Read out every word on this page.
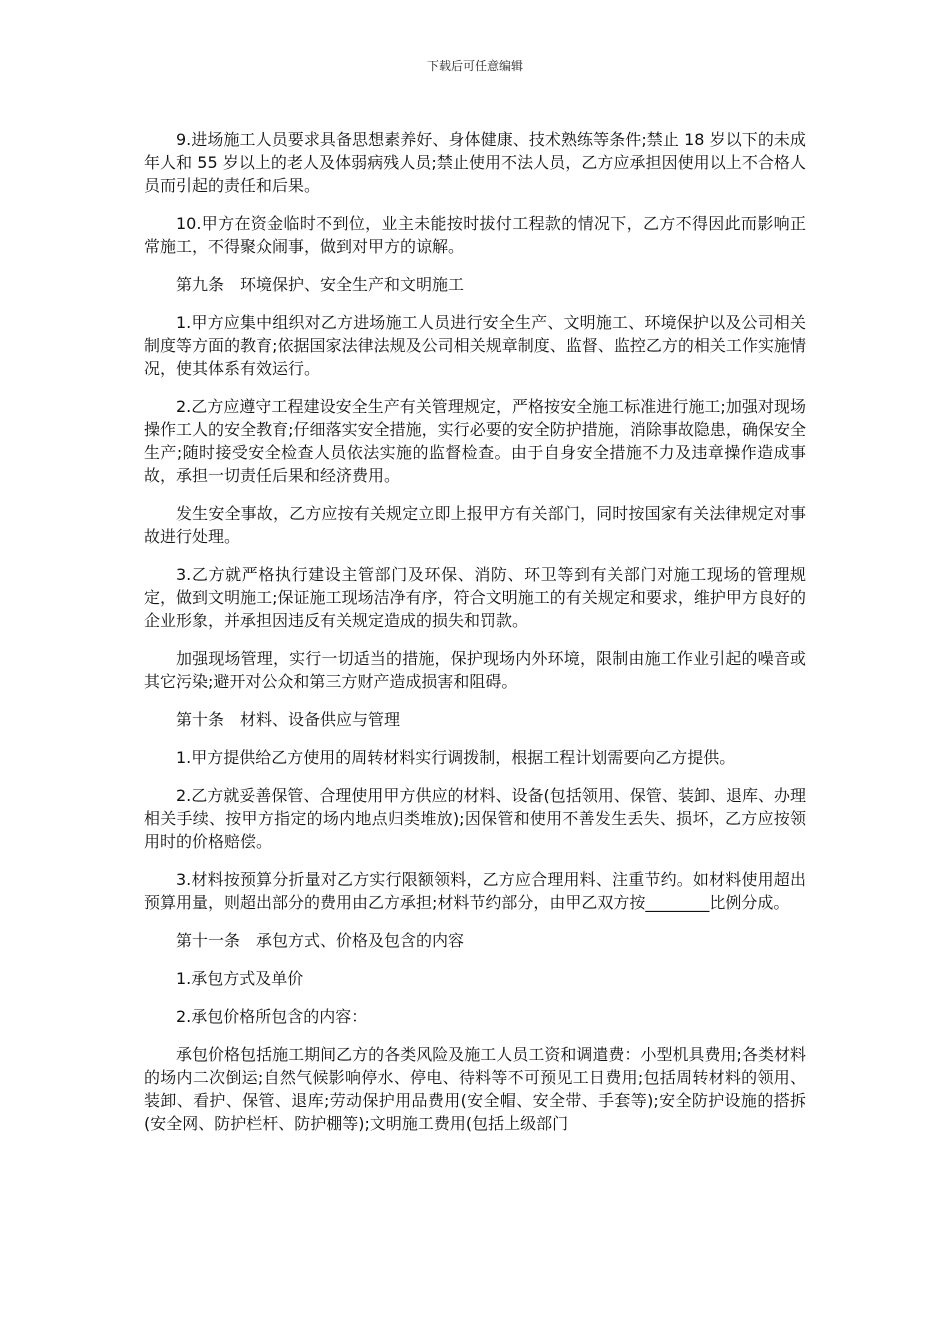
下载后可任意编辑

9.进场施工人员要求具备思想素养好、身体健康、技术熟练等条件;禁止 18 岁以下的未成年人和 55 岁以上的老人及体弱病残人员;禁止使用不法人员，乙方应承担因使用以上不合格人员而引起的责任和后果。

10.甲方在资金临时不到位，业主未能按时拔付工程款的情况下，乙方不得因此而影响正常施工，不得聚众闹事，做到对甲方的谅解。

第九条　环境保护、安全生产和文明施工

1.甲方应集中组织对乙方进场施工人员进行安全生产、文明施工、环境保护以及公司相关制度等方面的教育;依据国家法律法规及公司相关规章制度、监督、监控乙方的相关工作实施情况，使其体系有效运行。

2.乙方应遵守工程建设安全生产有关管理规定，严格按安全施工标准进行施工;加强对现场操作工人的安全教育;仔细落实安全措施，实行必要的安全防护措施，消除事故隐患，确保安全生产;随时接受安全检查人员依法实施的监督检查。由于自身安全措施不力及违章操作造成事故，承担一切责任后果和经济费用。

发生安全事故，乙方应按有关规定立即上报甲方有关部门，同时按国家有关法律规定对事故进行处理。

3.乙方就严格执行建设主管部门及环保、消防、环卫等到有关部门对施工现场的管理规定，做到文明施工;保证施工现场洁净有序，符合文明施工的有关规定和要求，维护甲方良好的企业形象，并承担因违反有关规定造成的损失和罚款。

加强现场管理，实行一切适当的措施，保护现场内外环境，限制由施工作业引起的噪音或其它污染;避开对公众和第三方财产造成损害和阻碍。

第十条　材料、设备供应与管理

1.甲方提供给乙方使用的周转材料实行调拨制，根据工程计划需要向乙方提供。

2.乙方就妥善保管、合理使用甲方供应的材料、设备(包括领用、保管、装卸、退库、办理相关手续、按甲方指定的场内地点归类堆放);因保管和使用不善发生丢失、损坏，乙方应按领用时的价格赔偿。

3.材料按预算分折量对乙方实行限额领料，乙方应合理用料、注重节约。如材料使用超出预算用量，则超出部分的费用由乙方承担;材料节约部分，由甲乙双方按________比例分成。

第十一条　承包方式、价格及包含的内容

1.承包方式及单价

2.承包价格所包含的内容：

承包价格包括施工期间乙方的各类风险及施工人员工资和调遣费：小型机具费用;各类材料的场内二次倒运;自然气候影响停水、停电、待料等不可预见工日费用;包括周转材料的领用、装卸、看护、保管、退库;劳动保护用品费用(安全帽、安全带、手套等);安全防护设施的搭拆(安全网、防护栏杆、防护棚等);文明施工费用(包括上级部门
